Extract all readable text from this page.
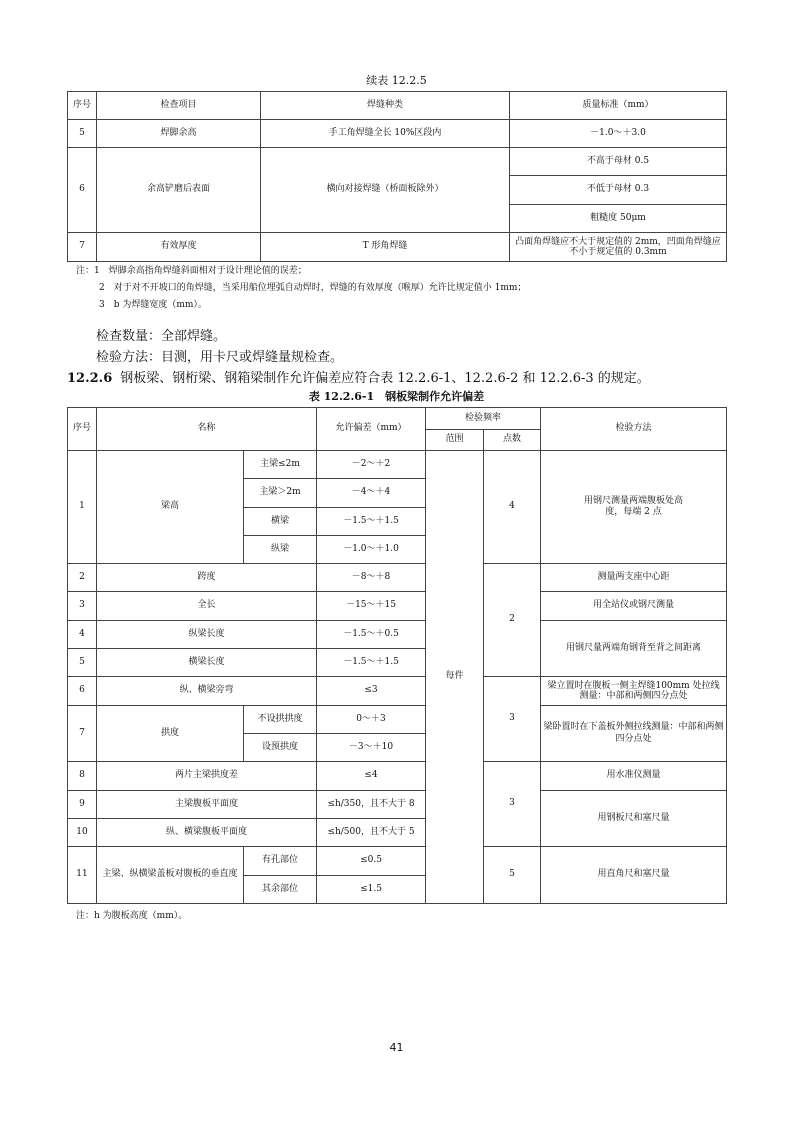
续表 12.2.5
序号	检查项目	焊缝种类	质量标准（mm）
5	焊脚余高	手工角焊缝全长 10%区段内	－1.0～＋3.0
6	余高铲磨后表面	横向对接焊缝（桥面板除外）	不高于母材 0.5
			不低于母材 0.3
			粗糙度 50μm
7	有效厚度	T 形角焊缝	凸面角焊缝应不大于规定值的 2mm，凹面角焊缝应不小于规定值的 0.3mm
注：1　焊脚余高指角焊缝斜面相对于设计理论值的误差；
2　对于对不开坡口的角焊缝，当采用船位埋弧自动焊时，焊缝的有效厚度（喉厚）允许比规定值小 1mm；
3　b 为焊缝宽度（mm）。
检查数量：全部焊缝。
检验方法：目测，用卡尺或焊缝量规检查。
12.2.6 钢板梁、钢桁梁、钢箱梁制作允许偏差应符合表 12.2.6-1、12.2.6-2 和 12.2.6-3 的规定。
表 12.2.6-1　 钢板梁制作允许偏差
序号	名称		允许偏差（mm）	检验频率		检验方法
				范围	点数	
1	梁高	主梁≤2m	－2～＋2	每件	4	用钢尺测量两端腹板处高度，每端 2 点
		主梁＞2m	－4～＋4			
		横梁	－1.5～＋1.5			
		纵梁	－1.0～＋1.0			
2	跨度		－8～＋8		2	测量两支座中心距
3	全长		－15～＋15			用全站仪或钢尺测量
4	纵梁长度		－1.5～＋0.5			用钢尺量两端角钢背至背之间距离
5	横梁长度		－1.5～＋1.5			
6	纵、横梁旁弯		≤3		3	梁立置时在腹板一侧主焊缝100mm 处拉线测量：中部和两侧四分点处
7	拱度	不设拱拱度	0～＋3			梁卧置时在下盖板外侧拉线测量：中部和两侧四分点处
		设预拱度	－3～＋10			
8	两片主梁拱度差		≤4		3	用水准仪测量
9	主梁腹板平面度		≤h/350，且不大于 8			用钢板尺和塞尺量
10	纵、横梁腹板平面度		≤h/500，且不大于 5			
11	主梁、纵横梁盖板对腹板的垂直度	有孔部位	≤0.5		5	用直角尺和塞尺量
		其余部位	≤1.5			
注：h 为腹板高度（mm）。
41
